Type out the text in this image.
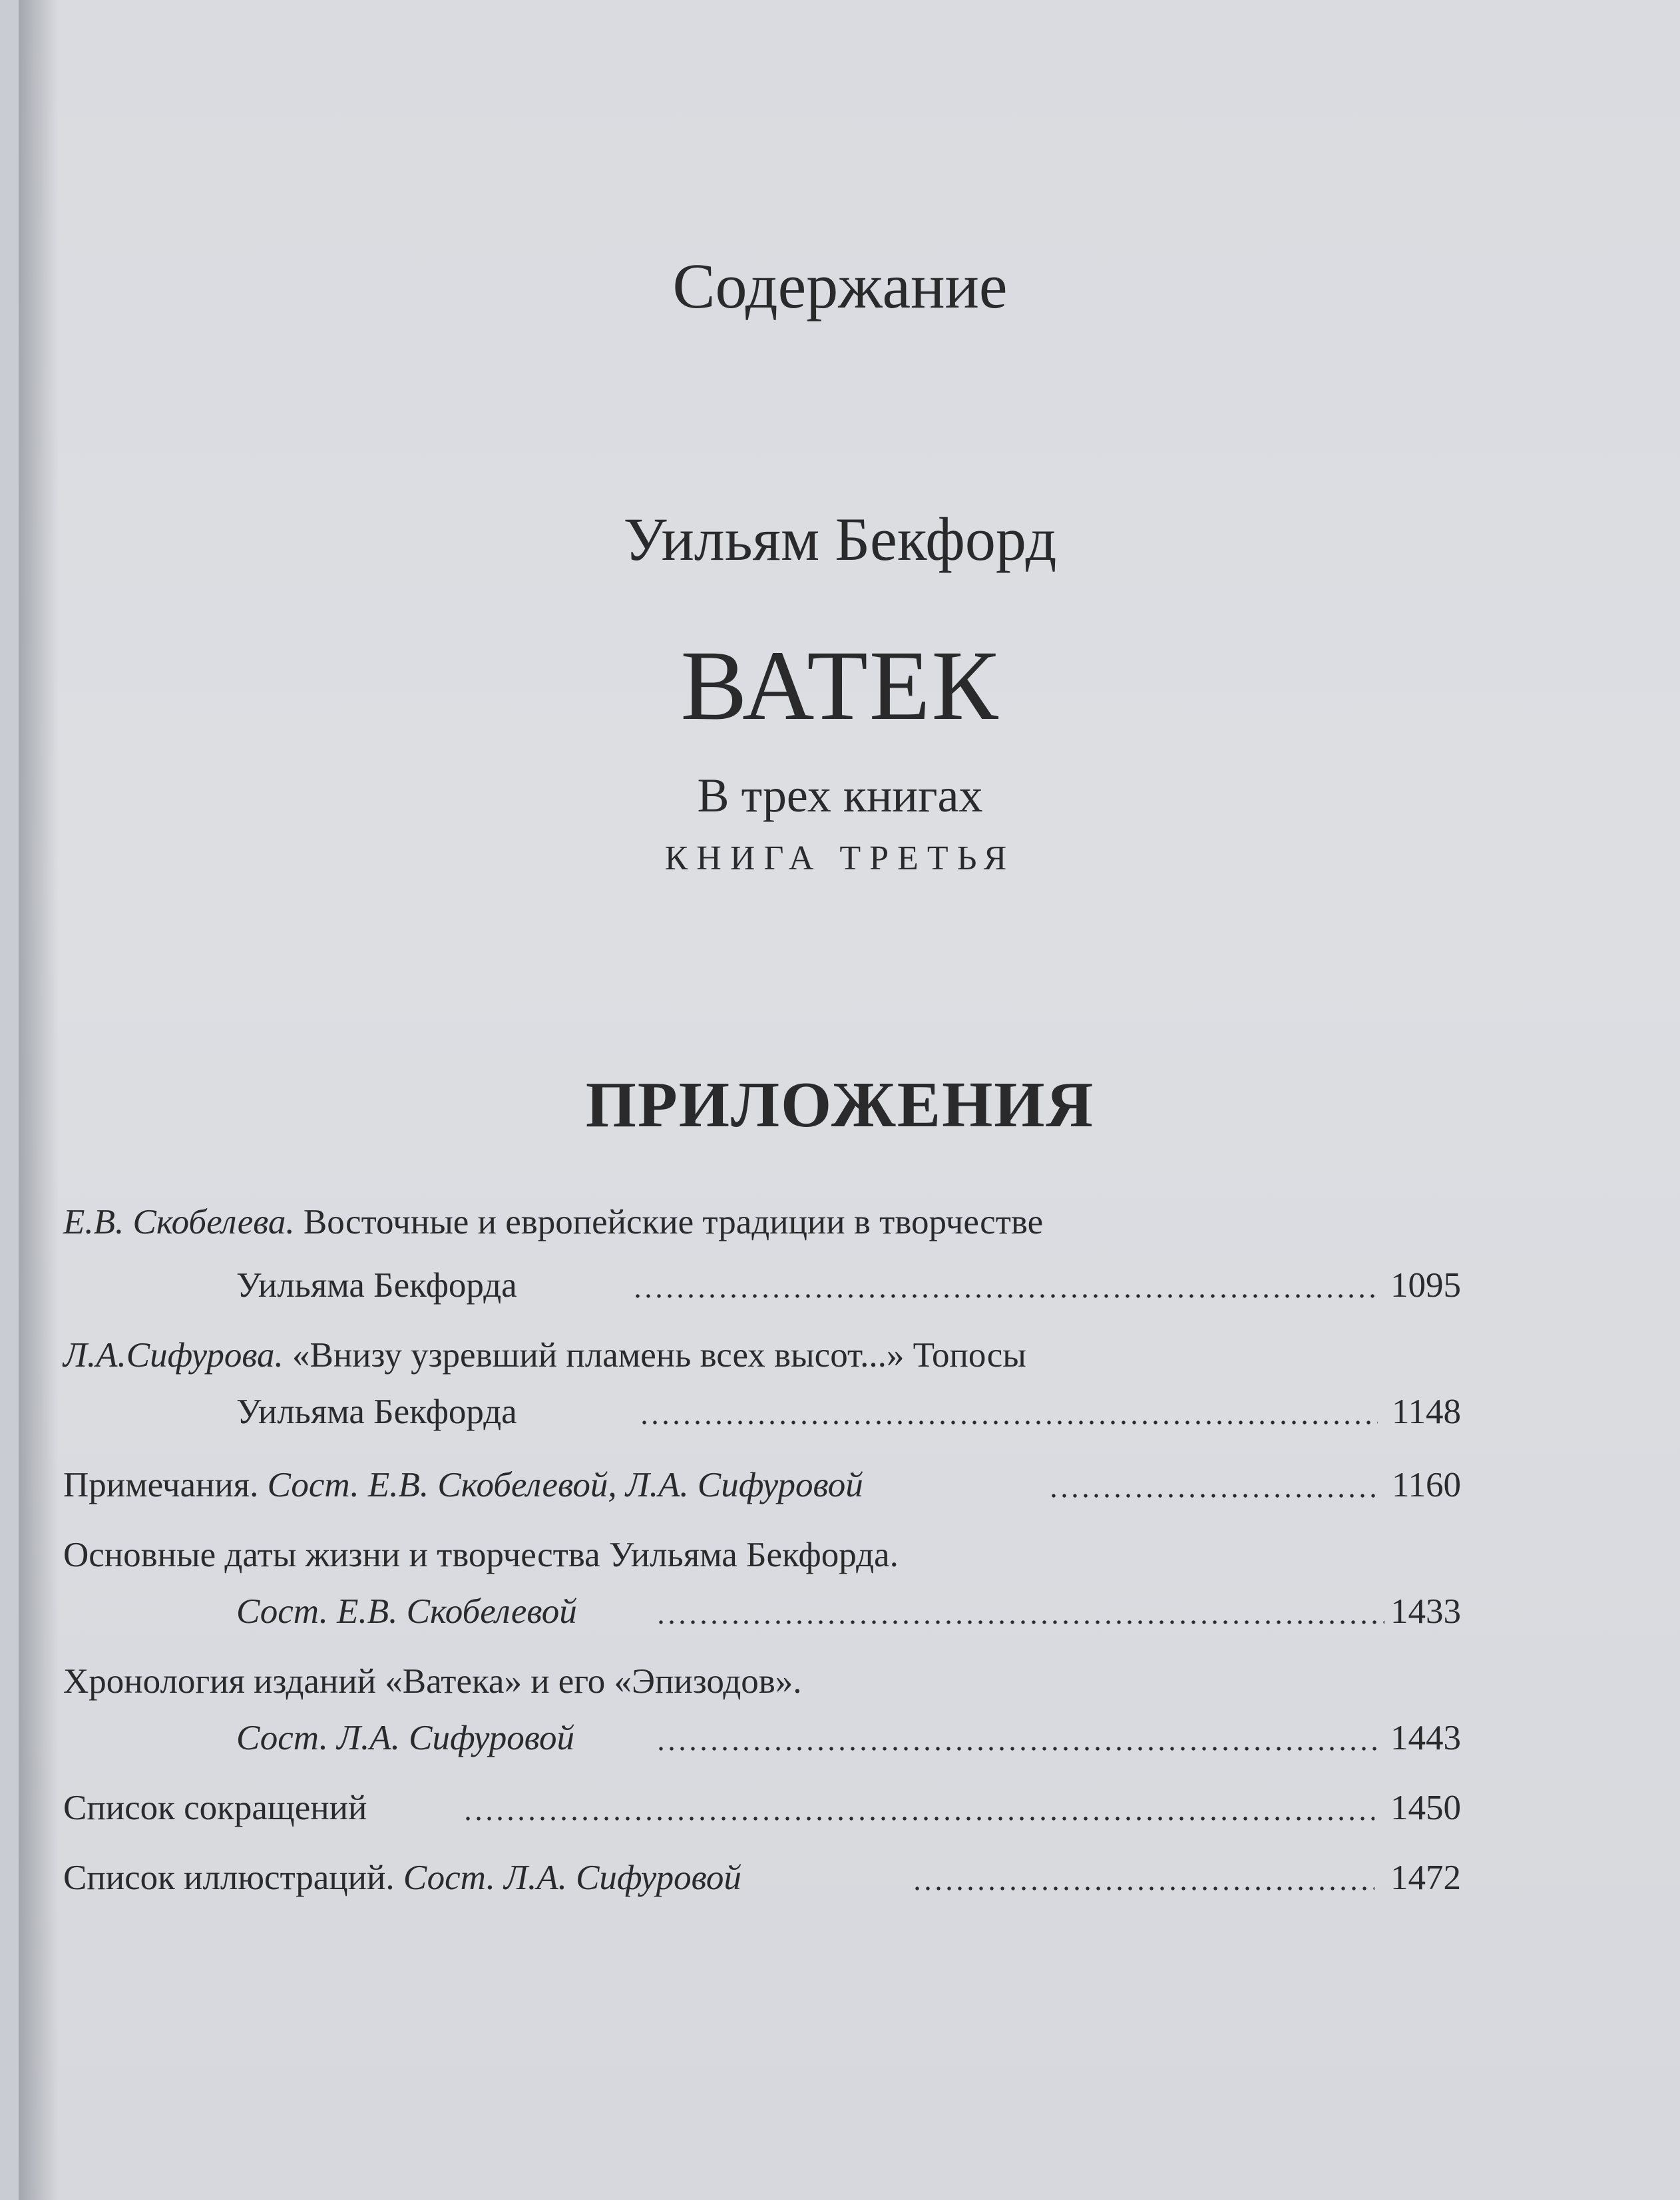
Содержание
Уильям Бекфорд
ВАТЕК
В трех книгах
КНИГА ТРЕТЬЯ
ПРИЛОЖЕНИЯ
Е.В. Скобелева. Восточные и европейские традиции в творчестве
Уильяма Бекфорда	1095
Л.А.Сифурова. «Внизу узревший пламень всех высот...» Топосы
Уильяма Бекфорда	1148
Примечания. Сост. Е.В. Скобелевой, Л.А. Сифуровой	1160
Основные даты жизни и творчества Уильяма Бекфорда.
Сост. Е.В. Скобелевой	1433
Хронология изданий «Ватека» и его «Эпизодов».
Сост. Л.А. Сифуровой	1443
Список сокращений	1450
Список иллюстраций. Сост. Л.А. Сифуровой	1472
